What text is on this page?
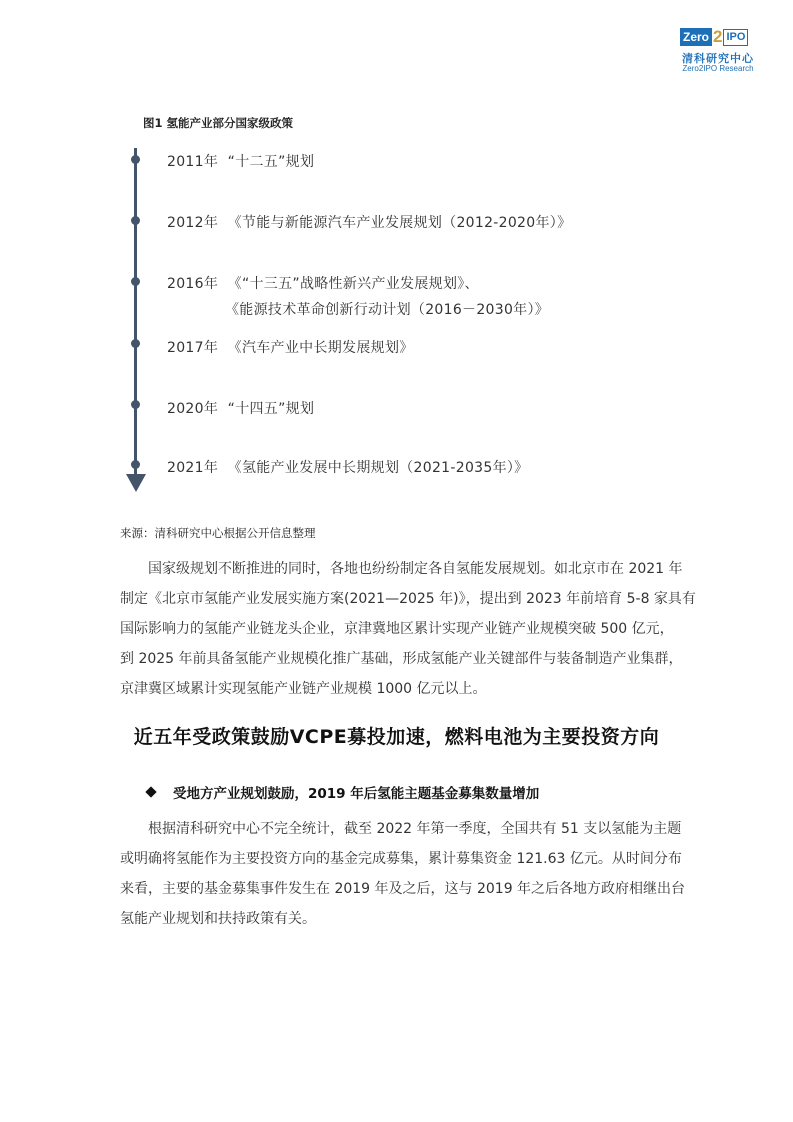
Zero 2 IPO
清科研究中心
Zero2IPO Research
图1 氢能产业部分国家级政策
2011年 “十二五”规划
2012年 《节能与新能源汽车产业发展规划（2012-2020年）》
2016年 《“十三五”战略性新兴产业发展规划》、
《能源技术革命创新行动计划（2016－2030年）》
2017年 《汽车产业中长期发展规划》
2020年 “十四五”规划
2021年 《氢能产业发展中长期规划（2021-2035年）》
来源：清科研究中心根据公开信息整理
国家级规划不断推进的同时，各地也纷纷制定各自氢能发展规划。如北京市在 2021 年
制定《北京市氢能产业发展实施方案(2021—2025 年)》，提出到 2023 年前培育 5-8 家具有
国际影响力的氢能产业链龙头企业，京津冀地区累计实现产业链产业规模突破 500 亿元，
到 2025 年前具备氢能产业规模化推广基础，形成氢能产业关键部件与装备制造产业集群，
京津冀区域累计实现氢能产业链产业规模 1000 亿元以上。
近五年受政策鼓励VCPE募投加速，燃料电池为主要投资方向
受地方产业规划鼓励，2019 年后氢能主题基金募集数量增加
根据清科研究中心不完全统计，截至 2022 年第一季度，全国共有 51 支以氢能为主题
或明确将氢能作为主要投资方向的基金完成募集，累计募集资金 121.63 亿元。从时间分布
来看，主要的基金募集事件发生在 2019 年及之后，这与 2019 年之后各地方政府相继出台
氢能产业规划和扶持政策有关。
